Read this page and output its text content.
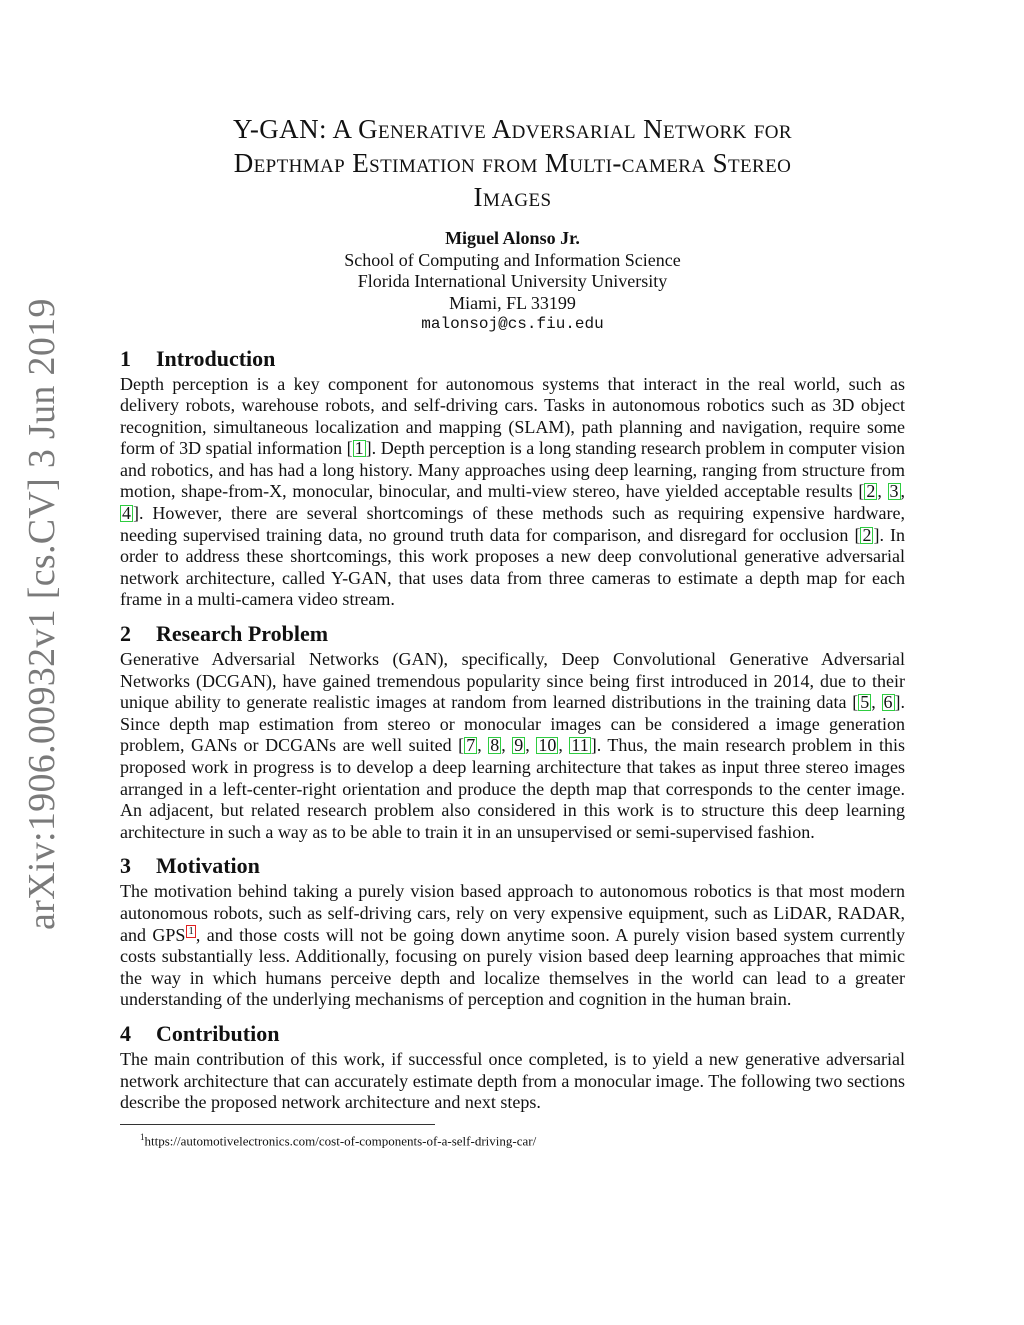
arXiv:1906.00932v1 [cs.CV] 3 Jun 2019
Y-GAN: A Generative Adversarial Network for
Depthmap Estimation from Multi-camera Stereo
Images
Miguel Alonso Jr.
School of Computing and Information Science
Florida International University University
Miami, FL 33199
malonsoj@cs.fiu.edu
1 Introduction

Depth perception is a key component for autonomous systems that interact in the real world, such as delivery robots, warehouse robots, and self-driving cars. Tasks in autonomous robotics such as 3D object recognition, simultaneous localization and mapping (SLAM), path planning and navigation, require some form of 3D spatial information [ 1 ]. Depth perception is a long standing research problem in computer vision and robotics, and has had a long history. Many approaches using deep learning, ranging from structure from motion, shape-from-X, monocular, binocular, and multi-view stereo, have yielded acceptable results [ 2 , 3 , 4 ]. However, there are several shortcomings of these methods such as requiring expensive hardware, needing supervised training data, no ground truth data for comparison, and disregard for occlusion [ 2 ]. In order to address these shortcomings, this work proposes a new deep convolutional generative adversarial network architecture, called Y-GAN, that uses data from three cameras to estimate a depth map for each frame in a multi-camera video stream.

2 Research Problem

Generative Adversarial Networks (GAN), specifically, Deep Convolutional Generative Adversarial Networks (DCGAN), have gained tremendous popularity since being first introduced in 2014, due to their unique ability to generate realistic images at random from learned distributions in the training data [ 5 , 6 ]. Since depth map estimation from stereo or monocular images can be considered a image generation problem, GANs or DCGANs are well suited [ 7 , 8 , 9 , 10 , 11 ]. Thus, the main research problem in this proposed work in progress is to develop a deep learning architecture that takes as input three stereo images arranged in a left-center-right orientation and produce the depth map that corresponds to the center image. An adjacent, but related research problem also considered in this work is to structure this deep learning architecture in such a way as to be able to train it in an unsupervised or semi-supervised fashion.

3 Motivation

The motivation behind taking a purely vision based approach to autonomous robotics is that most modern autonomous robots, such as self-driving cars, rely on very expensive equipment, such as LiDAR, RADAR, and GPS 1 , and those costs will not be going down anytime soon. A purely vision based system currently costs substantially less. Additionally, focusing on purely vision based deep learning approaches that mimic the way in which humans perceive depth and localize themselves in the world can lead to a greater understanding of the underlying mechanisms of perception and cognition in the human brain.

4 Contribution

The main contribution of this work, if successful once completed, is to yield a new generative adversarial network architecture that can accurately estimate depth from a monocular image. The following two sections describe the proposed network architecture and next steps.

$^1$https://automotivelectronics.com/cost-of-components-of-a-self-driving-car/
